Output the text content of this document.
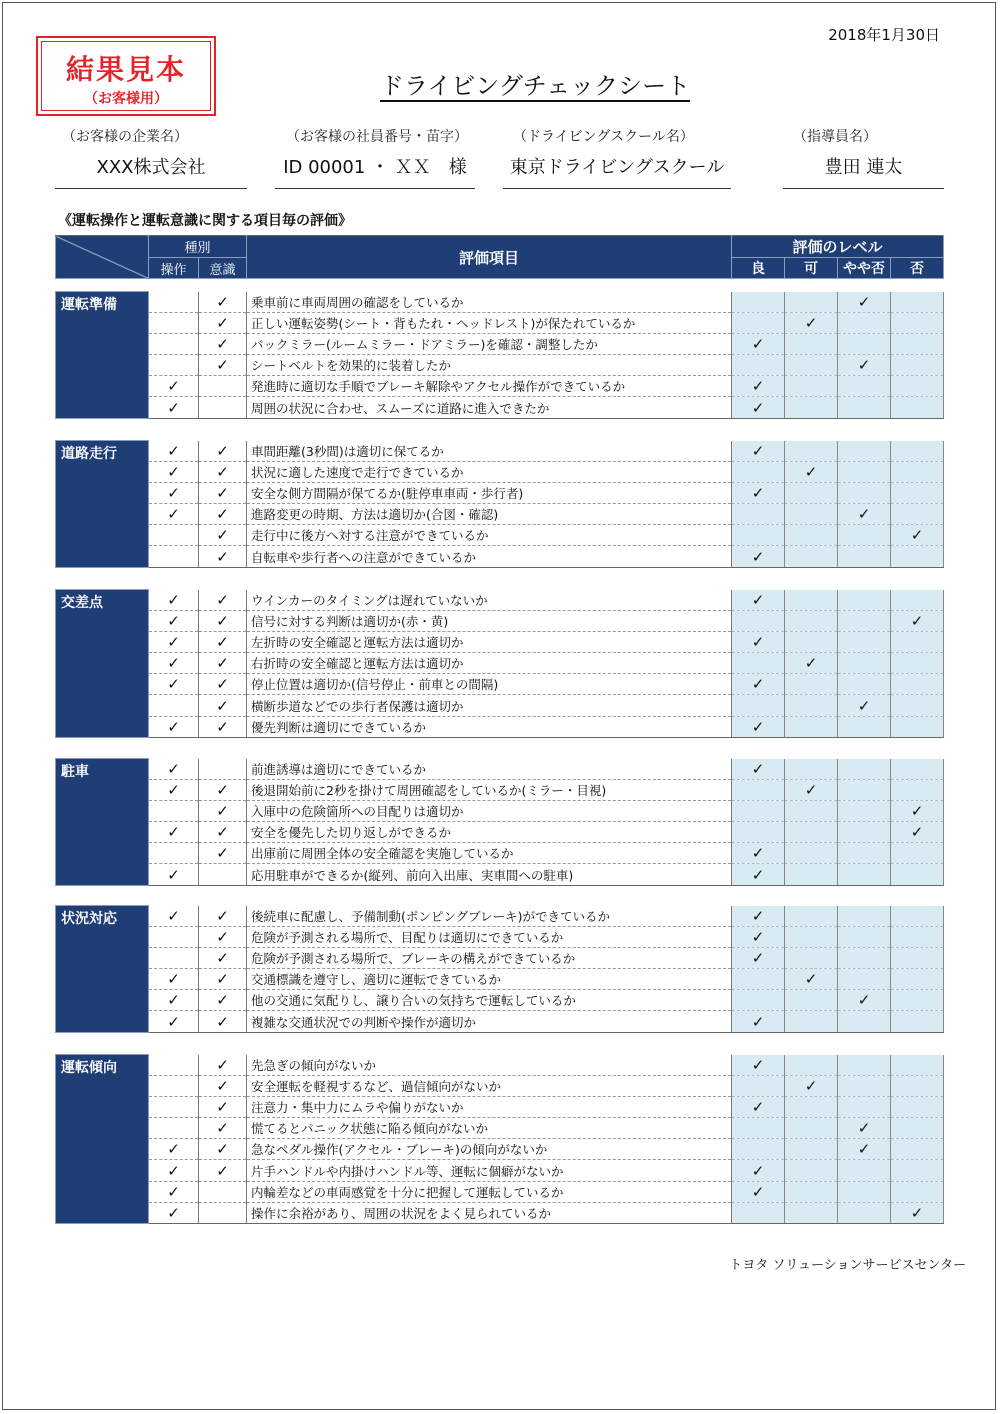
結果見本
（お客様用）
2018年1月30日
ドライビングチェックシート
（お客様の企業名）
XXX株式会社
（お客様の社員番号・苗字）
ID 00001 ・ ＸＸ　様
（ドライビングスクール名）
東京ドライビングスクール
（指導員名）
豊田 連太
《運転操作と運転意識に関する項目毎の評価》
	種別		評価項目	評価のレベル			
	操作	意識		良	可	やや否	否
運転準備		✓	乗車前に車両周囲の確認をしているか			✓	
		✓	正しい運転姿勢(シート・背もたれ・ヘッドレスト)が保たれているか		✓		
		✓	バックミラー(ルームミラー・ドアミラー)を確認・調整したか	✓			
		✓	シートベルトを効果的に装着したか			✓	
	✓		発進時に適切な手順でブレーキ解除やアクセル操作ができているか	✓			
	✓		周囲の状況に合わせ、スムーズに道路に進入できたか	✓			
道路走行	✓	✓	車間距離(3秒間)は適切に保てるか	✓			
	✓	✓	状況に適した速度で走行できているか		✓		
	✓	✓	安全な側方間隔が保てるか(駐停車車両・歩行者)	✓			
	✓	✓	進路変更の時期、方法は適切か(合図・確認)			✓	
		✓	走行中に後方へ対する注意ができているか				✓
		✓	自転車や歩行者への注意ができているか	✓			
交差点	✓	✓	ウインカーのタイミングは遅れていないか	✓			
	✓	✓	信号に対する判断は適切か(赤・黄)				✓
	✓	✓	左折時の安全確認と運転方法は適切か	✓			
	✓	✓	右折時の安全確認と運転方法は適切か		✓		
	✓	✓	停止位置は適切か(信号停止・前車との間隔)	✓			
		✓	横断歩道などでの歩行者保護は適切か			✓	
	✓	✓	優先判断は適切にできているか	✓			
駐車	✓		前進誘導は適切にできているか	✓			
	✓	✓	後退開始前に2秒を掛けて周囲確認をしているか(ミラー・目視)		✓		
		✓	入庫中の危険箇所への目配りは適切か				✓
	✓	✓	安全を優先した切り返しができるか				✓
		✓	出庫前に周囲全体の安全確認を実施しているか	✓			
	✓		応用駐車ができるか(縦列、前向入出庫、実車間への駐車)	✓			
状況対応	✓	✓	後続車に配慮し、予備制動(ポンピングブレーキ)ができているか	✓			
		✓	危険が予測される場所で、目配りは適切にできているか	✓			
		✓	危険が予測される場所で、ブレーキの構えができているか	✓			
	✓	✓	交通標識を遵守し、適切に運転できているか		✓		
	✓	✓	他の交通に気配りし、譲り合いの気持ちで運転しているか			✓	
	✓	✓	複雑な交通状況での判断や操作が適切か	✓			
運転傾向		✓	先急ぎの傾向がないか	✓			
		✓	安全運転を軽視するなど、過信傾向がないか		✓		
		✓	注意力・集中力にムラや偏りがないか	✓			
		✓	慌てるとパニック状態に陥る傾向がないか			✓	
	✓	✓	急なペダル操作(アクセル・ブレーキ)の傾向がないか			✓	
	✓	✓	片手ハンドルや内掛けハンドル等、運転に個癖がないか	✓			
	✓		内輪差などの車両感覚を十分に把握して運転しているか	✓			
	✓		操作に余裕があり、周囲の状況をよく見られているか				✓
トヨタ ソリューションサービスセンター
